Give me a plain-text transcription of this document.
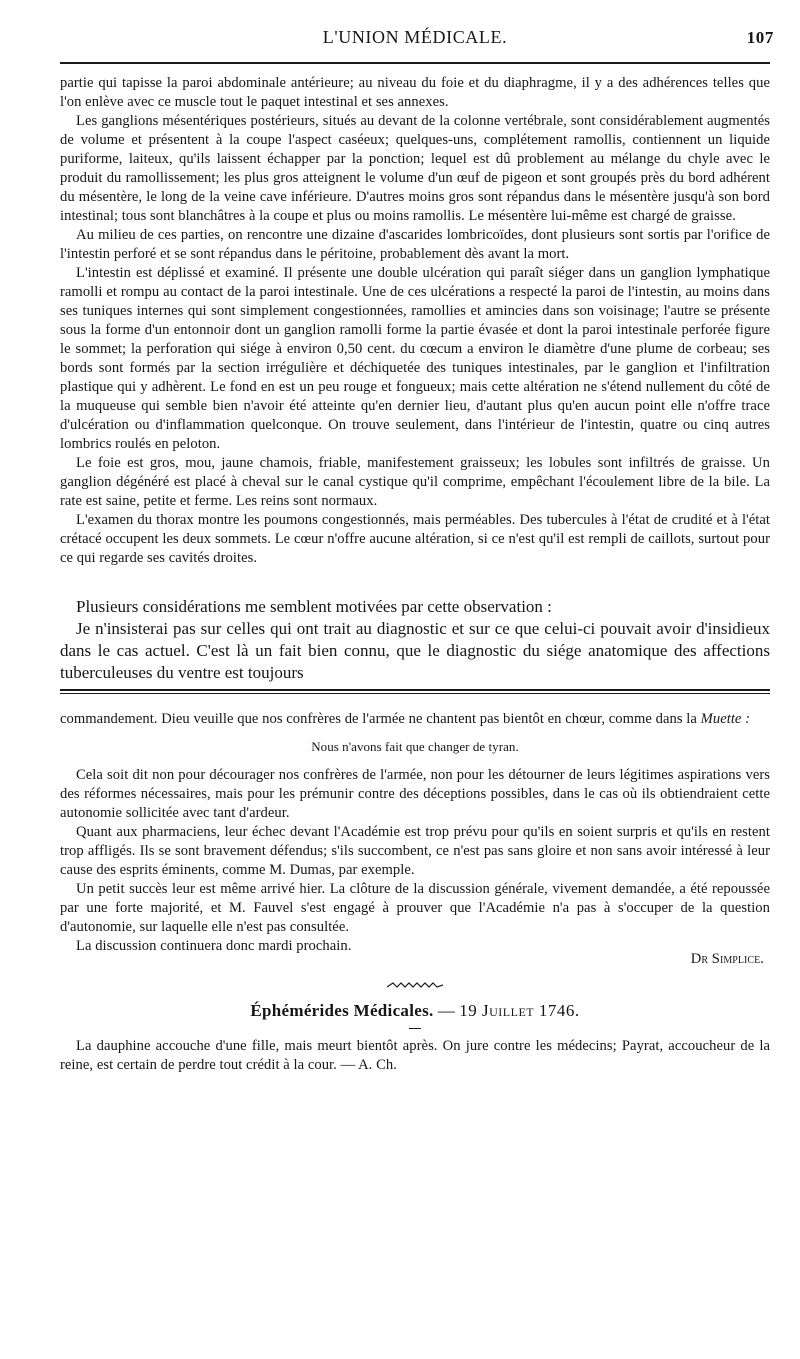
L'UNION MÉDICALE.	107

partie qui tapisse la paroi abdominale antérieure; au niveau du foie et du diaphragme, il y a des adhérences telles que l'on enlève avec ce muscle tout le paquet intestinal et ses annexes.

Les ganglions mésentériques postérieurs, situés au devant de la colonne vertébrale, sont considérablement augmentés de volume et présentent à la coupe l'aspect caséeux; quelques-uns, complétement ramollis, contiennent un liquide puriforme, laiteux, qu'ils laissent échapper par la ponction; lequel est dû problement au mélange du chyle avec le produit du ramollissement; les plus gros atteignent le volume d'un œuf de pigeon et sont groupés près du bord adhérent du mésentère, le long de la veine cave inférieure. D'autres moins gros sont répandus dans le mésentère jusqu'à son bord intestinal; tous sont blanchâtres à la coupe et plus ou moins ramollis. Le mésentère lui-même est chargé de graisse.

Au milieu de ces parties, on rencontre une dizaine d'ascarides lombricoïdes, dont plusieurs sont sortis par l'orifice de l'intestin perforé et se sont répandus dans le péritoine, probablement dès avant la mort.

L'intestin est déplissé et examiné. Il présente une double ulcération qui paraît siéger dans un ganglion lymphatique ramolli et rompu au contact de la paroi intestinale. Une de ces ulcérations a respecté la paroi de l'intestin, au moins dans ses tuniques internes qui sont simplement congestionnées, ramollies et amincies dans son voisinage; l'autre se présente sous la forme d'un entonnoir dont un ganglion ramolli forme la partie évasée et dont la paroi intestinale perforée figure le sommet; la perforation qui siége à environ 0,50 cent. du cœcum a environ le diamètre d'une plume de corbeau; ses bords sont formés par la section irrégulière et déchiquetée des tuniques intestinales, par le ganglion et l'infiltration plastique qui y adhèrent. Le fond en est un peu rouge et fongueux; mais cette altération ne s'étend nullement du côté de la muqueuse qui semble bien n'avoir été atteinte qu'en dernier lieu, d'autant plus qu'en aucun point elle n'offre trace d'ulcération ou d'inflammation quelconque. On trouve seulement, dans l'intérieur de l'intestin, quatre ou cinq autres lombrics roulés en peloton.

Le foie est gros, mou, jaune chamois, friable, manifestement graisseux; les lobules sont infiltrés de graisse. Un ganglion dégénéré est placé à cheval sur le canal cystique qu'il comprime, empêchant l'écoulement libre de la bile. La rate est saine, petite et ferme. Les reins sont normaux.

L'examen du thorax montre les poumons congestionnés, mais perméables. Des tubercules à l'état de crudité et à l'état crétacé occupent les deux sommets. Le cœur n'offre aucune altération, si ce n'est qu'il est rempli de caillots, surtout pour ce qui regarde ses cavités droites.

Plusieurs considérations me semblent motivées par cette observation :

Je n'insisterai pas sur celles qui ont trait au diagnostic et sur ce que celui-ci pouvait avoir d'insidieux dans le cas actuel. C'est là un fait bien connu, que le diagnostic du siége anatomique des affections tuberculeuses du ventre est toujours

commandement. Dieu veuille que nos confrères de l'armée ne chantent pas bientôt en chœur, comme dans la Muette :

Nous n'avons fait que changer de tyran.

Cela soit dit non pour décourager nos confrères de l'armée, non pour les détourner de leurs légitimes aspirations vers des réformes nécessaires, mais pour les prémunir contre des déceptions possibles, dans le cas où ils obtiendraient cette autonomie sollicitée avec tant d'ardeur.

Quant aux pharmaciens, leur échec devant l'Académie est trop prévu pour qu'ils en soient surpris et qu'ils en restent trop affligés. Ils se sont bravement défendus; s'ils succombent, ce n'est pas sans gloire et non sans avoir intéressé à leur cause des esprits éminents, comme M. Dumas, par exemple.

Un petit succès leur est même arrivé hier. La clôture de la discussion générale, vivement demandée, a été repoussée par une forte majorité, et M. Fauvel s'est engagé à prouver que l'Académie n'a pas à s'occuper de la question d'autonomie, sur laquelle elle n'est pas consultée.

La discussion continuera donc mardi prochain.

Dr Simplice.
Éphémérides Médicales. — 19 Juillet 1746.

La dauphine accouche d'une fille, mais meurt bientôt après. On jure contre les médecins; Payrat, accoucheur de la reine, est certain de perdre tout crédit à la cour. — A. Ch.
